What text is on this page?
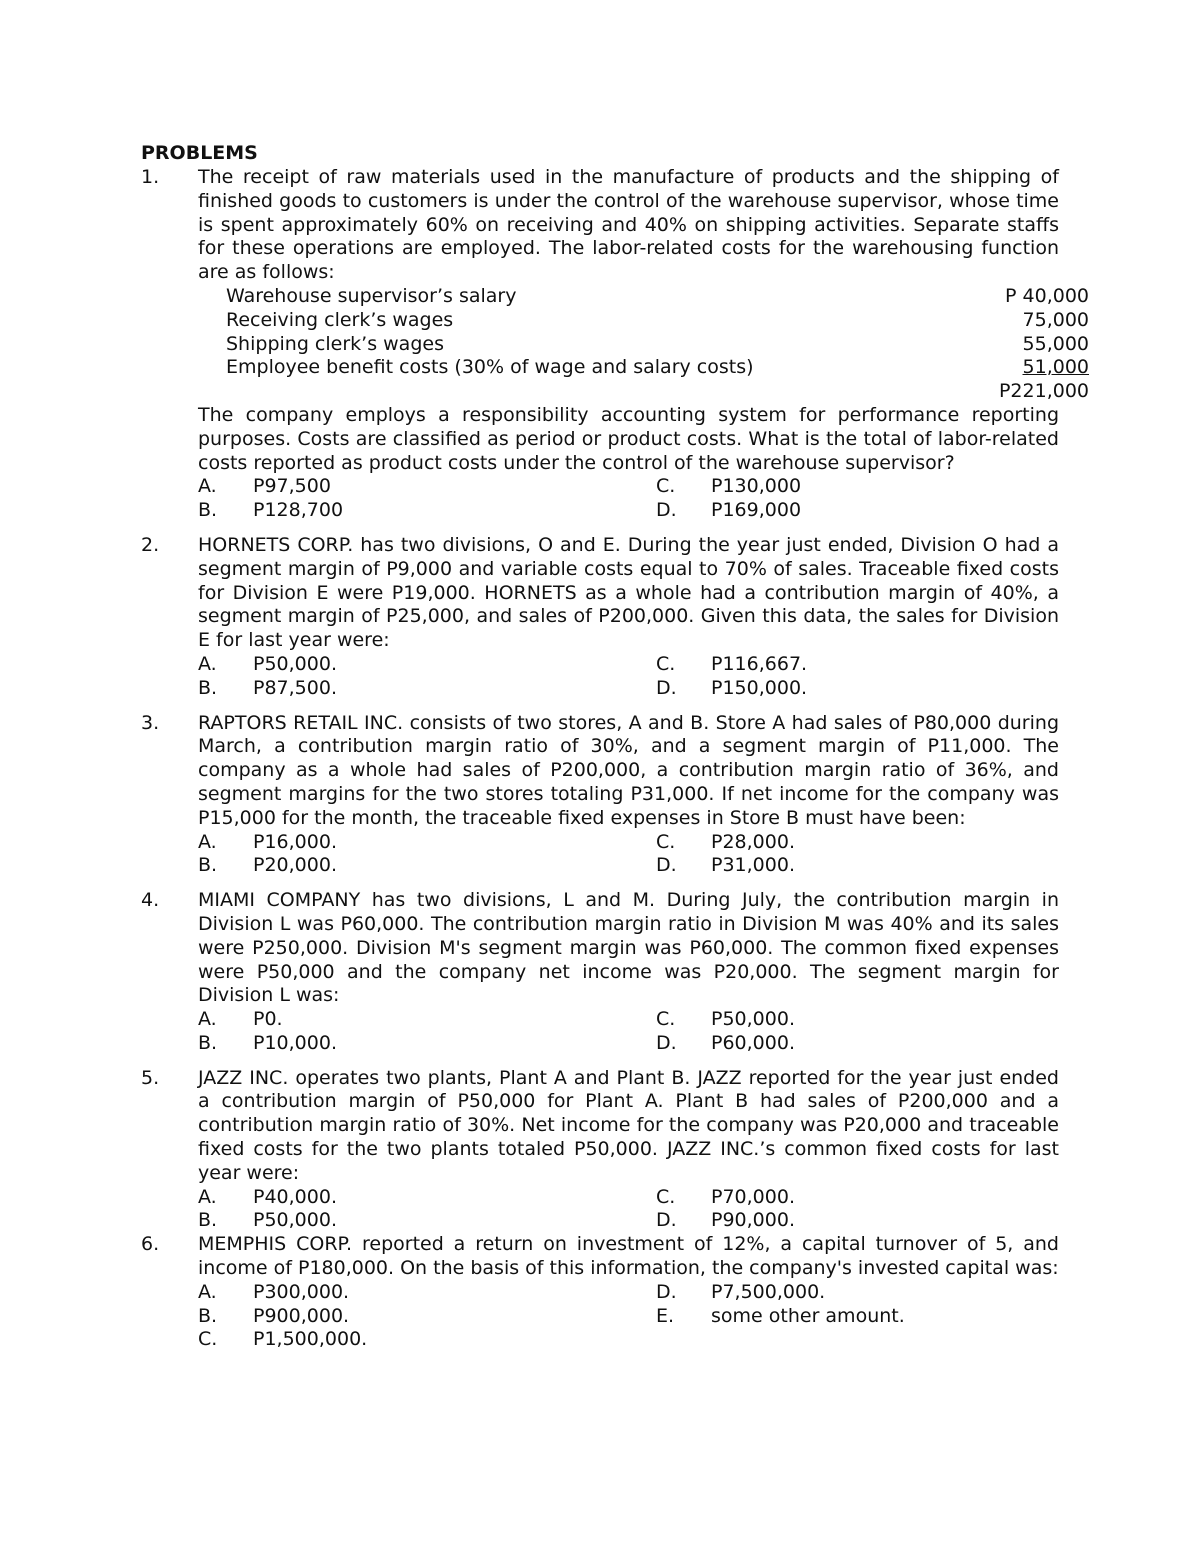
PROBLEMS
1. The receipt of raw materials used in the manufacture of products and the shipping of finished goods to customers is under the control of the warehouse supervisor, whose time is spent approximately 60% on receiving and 40% on shipping activities. Separate staffs for these operations are employed. The labor-related costs for the warehousing function are as follows:
Warehouse supervisor’s salary	P 40,000
Receiving clerk’s wages	75,000
Shipping clerk’s wages	55,000
Employee benefit costs (30% of wage and salary costs)	51,000
P221,000
The company employs a responsibility accounting system for performance reporting purposes. Costs are classified as period or product costs. What is the total of labor-related costs reported as product costs under the control of the warehouse supervisor?
A. P97,500	C. P130,000
B. P128,700	D. P169,000
2. HORNETS CORP. has two divisions, O and E. During the year just ended, Division O had a segment margin of P9,000 and variable costs equal to 70% of sales. Traceable fixed costs for Division E were P19,000. HORNETS as a whole had a contribution margin of 40%, a segment margin of P25,000, and sales of P200,000. Given this data, the sales for Division E for last year were:
A. P50,000.	C. P116,667.
B. P87,500.	D. P150,000.
3. RAPTORS RETAIL INC. consists of two stores, A and B. Store A had sales of P80,000 during March, a contribution margin ratio of 30%, and a segment margin of P11,000. The company as a whole had sales of P200,000, a contribution margin ratio of 36%, and segment margins for the two stores totaling P31,000. If net income for the company was P15,000 for the month, the traceable fixed expenses in Store B must have been:
A. P16,000.	C. P28,000.
B. P20,000.	D. P31,000.
4. MIAMI COMPANY has two divisions, L and M. During July, the contribution margin in Division L was P60,000. The contribution margin ratio in Division M was 40% and its sales were P250,000. Division M's segment margin was P60,000. The common fixed expenses were P50,000 and the company net income was P20,000. The segment margin for Division L was:
A. P0.	C. P50,000.
B. P10,000.	D. P60,000.
5. JAZZ INC. operates two plants, Plant A and Plant B. JAZZ reported for the year just ended a contribution margin of P50,000 for Plant A. Plant B had sales of P200,000 and a contribution margin ratio of 30%. Net income for the company was P20,000 and traceable fixed costs for the two plants totaled P50,000. JAZZ INC.’s common fixed costs for last year were:
A. P40,000.	C. P70,000.
B. P50,000.	D. P90,000.
6. MEMPHIS CORP. reported a return on investment of 12%, a capital turnover of 5, and income of P180,000. On the basis of this information, the company's invested capital was:
A. P300,000.	D. P7,500,000.
B. P900,000.	E. some other amount.
C. P1,500,000.
